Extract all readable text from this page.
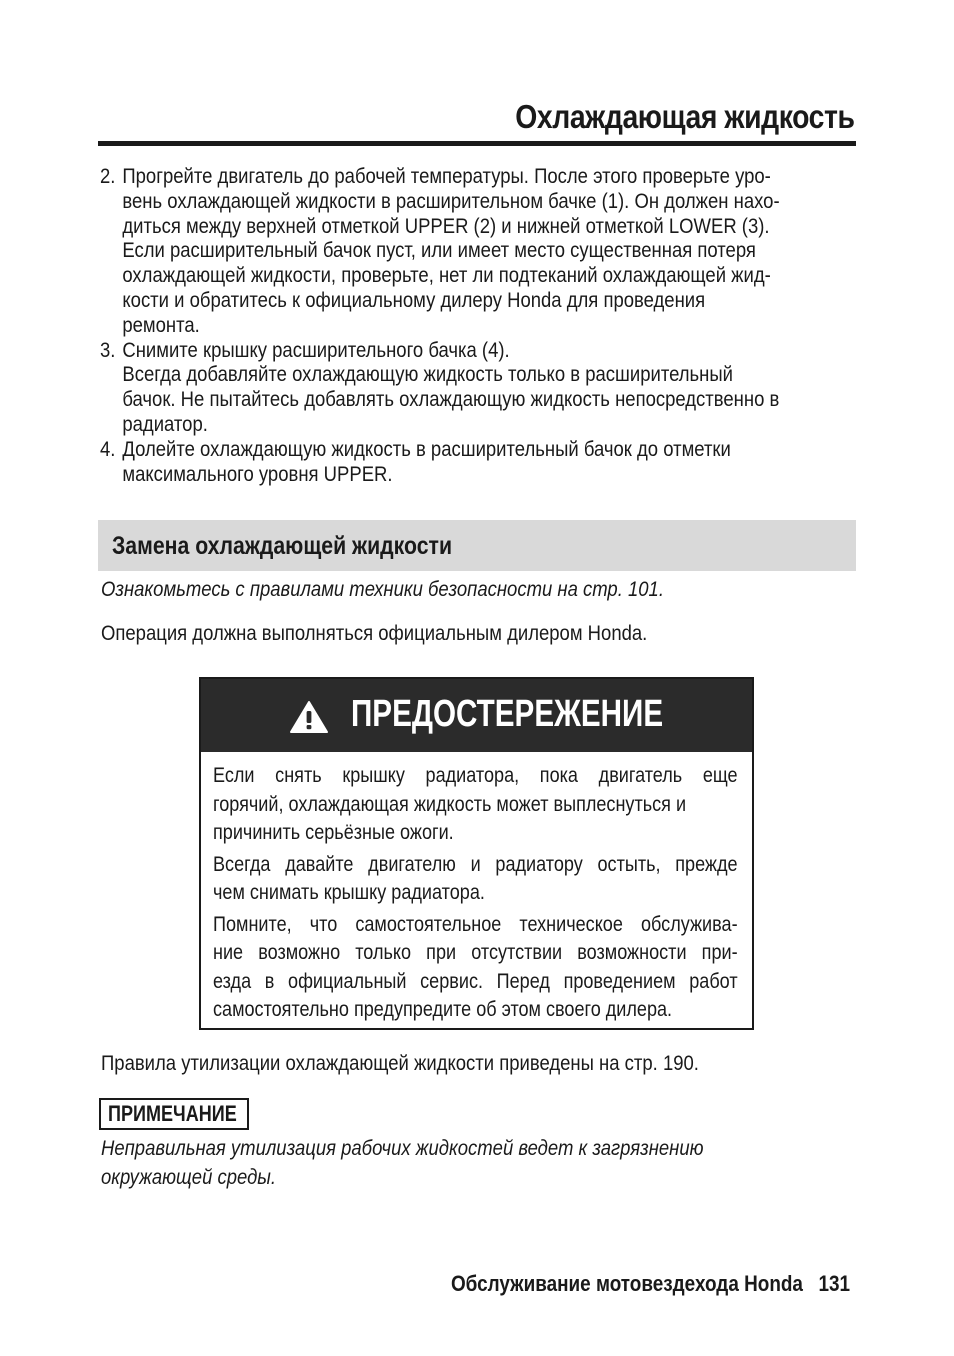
Охлаждающая жидкость
2. Прогрейте двигатель до рабочей температуры. После этого проверьте уро-
вень охлаждающей жидкости в расширительном бачке (1). Он должен нахо-
диться между верхней отметкой UPPER (2) и нижней отметкой LOWER (3).
Если расширительный бачок пуст, или имеет место существенная потеря
охлаждающей жидкости, проверьте, нет ли подтеканий охлаждающей жид-
кости и обратитесь к официальному дилеру Honda для проведения
ремонта.
3. Снимите крышку расширительного бачка (4).
Всегда добавляйте охлаждающую жидкость только в расширительный
бачок. Не пытайтесь добавлять охлаждающую жидкость непосредственно в
радиатор.
4. Долейте охлаждающую жидкость в расширительный бачок до отметки
максимального уровня UPPER.
Замена охлаждающей жидкости
Ознакомьтесь с правилами техники безопасности на стр. 101.
Операция должна выполняться официальным дилером Honda.
ПРЕДОСТЕРЕЖЕНИЕ
Если снять крышку радиатора, пока двигатель еще
горячий, охлаждающая жидкость может выплеснуться и
причинить серьёзные ожоги.
Всегда давайте двигателю и радиатору остыть, прежде
чем снимать крышку радиатора.
Помните, что самостоятельное техническое обслужива-
ние возможно только при отсутствии возможности при-
езда в официальный сервис. Перед проведением работ
самостоятельно предупредите об этом своего дилера.
Правила утилизации охлаждающей жидкости приведены на стр. 190.
ПРИМЕЧАНИЕ
Неправильная утилизация рабочих жидкостей ведет к загрязнению
окружающей среды.
Обслуживание мотовездехода Honda 131
